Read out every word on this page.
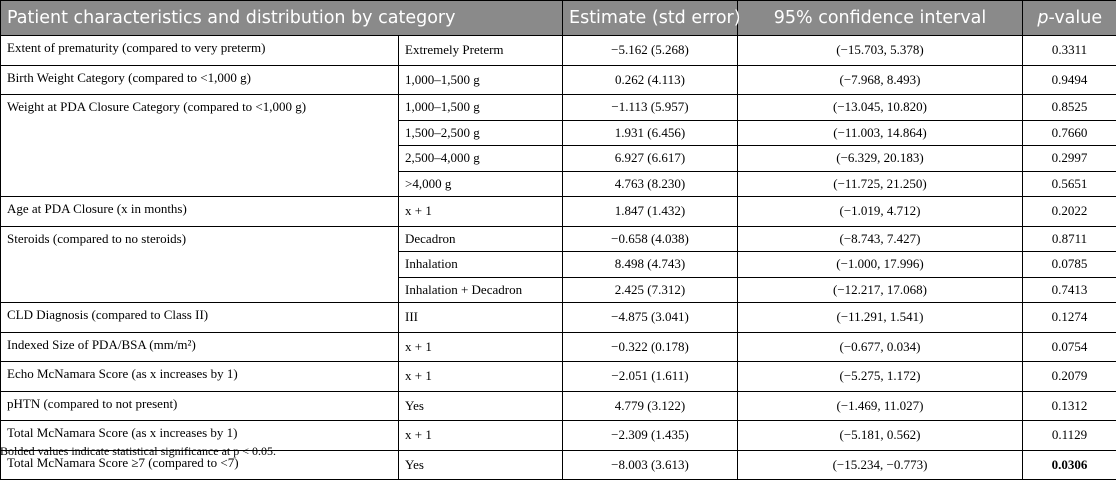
Patient characteristics and distribution by category		Estimate (std error)	95% confidence interval	p-value
Extent of prematurity (compared to very preterm)	Extremely Preterm	−5.162 (5.268)	(−15.703, 5.378)	0.3311
Birth Weight Category (compared to <1,000 g)	1,000–1,500 g	0.262 (4.113)	(−7.968, 8.493)	0.9494
Weight at PDA Closure Category (compared to <1,000 g)	1,000–1,500 g	−1.113 (5.957)	(−13.045, 10.820)	0.8525
	1,500–2,500 g	1.931 (6.456)	(−11.003, 14.864)	0.7660
	2,500–4,000 g	6.927 (6.617)	(−6.329, 20.183)	0.2997
	>4,000 g	4.763 (8.230)	(−11.725, 21.250)	0.5651
Age at PDA Closure (x in months)	x + 1	1.847 (1.432)	(−1.019, 4.712)	0.2022
Steroids (compared to no steroids)	Decadron	−0.658 (4.038)	(−8.743, 7.427)	0.8711
	Inhalation	8.498 (4.743)	(−1.000, 17.996)	0.0785
	Inhalation + Decadron	2.425 (7.312)	(−12.217, 17.068)	0.7413
CLD Diagnosis (compared to Class II)	III	−4.875 (3.041)	(−11.291, 1.541)	0.1274
Indexed Size of PDA/BSA (mm/m²)	x + 1	−0.322 (0.178)	(−0.677, 0.034)	0.0754
Echo McNamara Score (as x increases by 1)	x + 1	−2.051 (1.611)	(−5.275, 1.172)	0.2079
pHTN (compared to not present)	Yes	4.779 (3.122)	(−1.469, 11.027)	0.1312
Total McNamara Score (as x increases by 1)	x + 1	−2.309 (1.435)	(−5.181, 0.562)	0.1129
Total McNamara Score ≥7 (compared to <7)	Yes	−8.003 (3.613)	(−15.234, −0.773)	0.0306
Bolded values indicate statistical significance at p < 0.05.
